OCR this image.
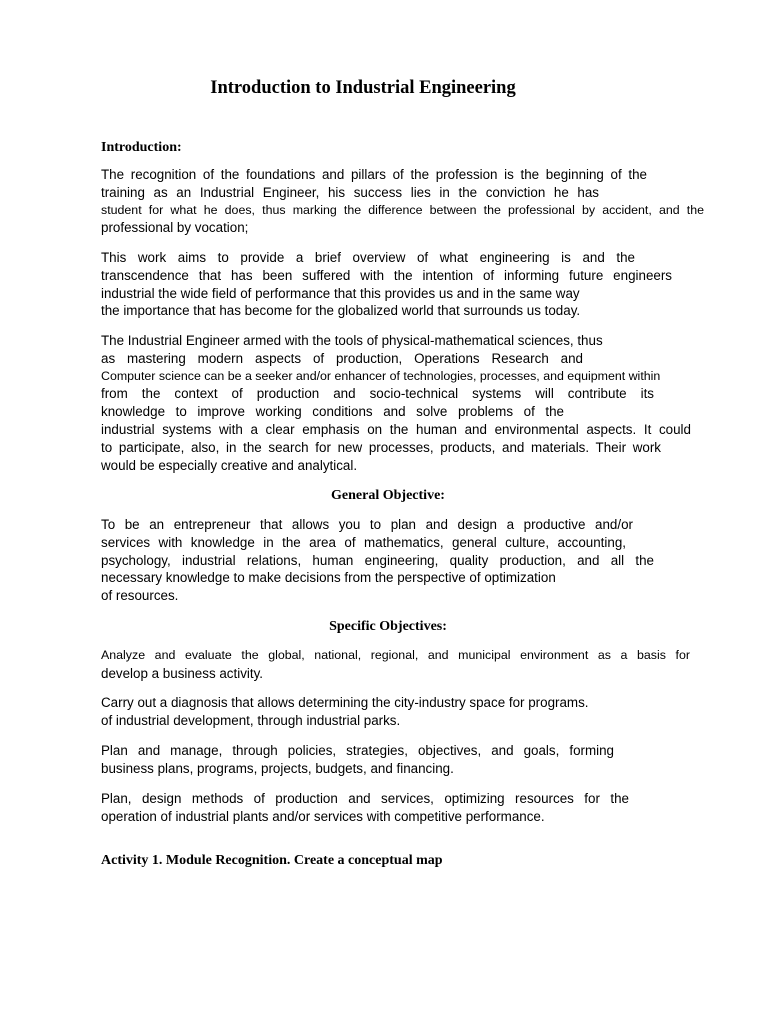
Introduction to Industrial Engineering
Introduction:
The recognition of the foundations and pillars of the profession is the beginning of the
training as an Industrial Engineer, his success lies in the conviction he has
student for what he does, thus marking the difference between the professional by accident, and the
professional by vocation;
This work aims to provide a brief overview of what engineering is and the
transcendence that has been suffered with the intention of informing future engineers
industrial the wide field of performance that this provides us and in the same way
the importance that has become for the globalized world that surrounds us today.
The Industrial Engineer armed with the tools of physical-mathematical sciences, thus
as mastering modern aspects of production, Operations Research and
Computer science can be a seeker and/or enhancer of technologies, processes, and equipment within
from the context of production and socio-technical systems will contribute its
knowledge to improve working conditions and solve problems of the
industrial systems with a clear emphasis on the human and environmental aspects. It could
to participate, also, in the search for new processes, products, and materials. Their work
would be especially creative and analytical.
General Objective:
To be an entrepreneur that allows you to plan and design a productive and/or
services with knowledge in the area of mathematics, general culture, accounting,
psychology, industrial relations, human engineering, quality production, and all the
necessary knowledge to make decisions from the perspective of optimization
of resources.
Specific Objectives:
Analyze and evaluate the global, national, regional, and municipal environment as a basis for
develop a business activity.
Carry out a diagnosis that allows determining the city-industry space for programs.
of industrial development, through industrial parks.
Plan and manage, through policies, strategies, objectives, and goals, forming
business plans, programs, projects, budgets, and financing.
Plan, design methods of production and services, optimizing resources for the
operation of industrial plants and/or services with competitive performance.
Activity 1. Module Recognition. Create a conceptual map
